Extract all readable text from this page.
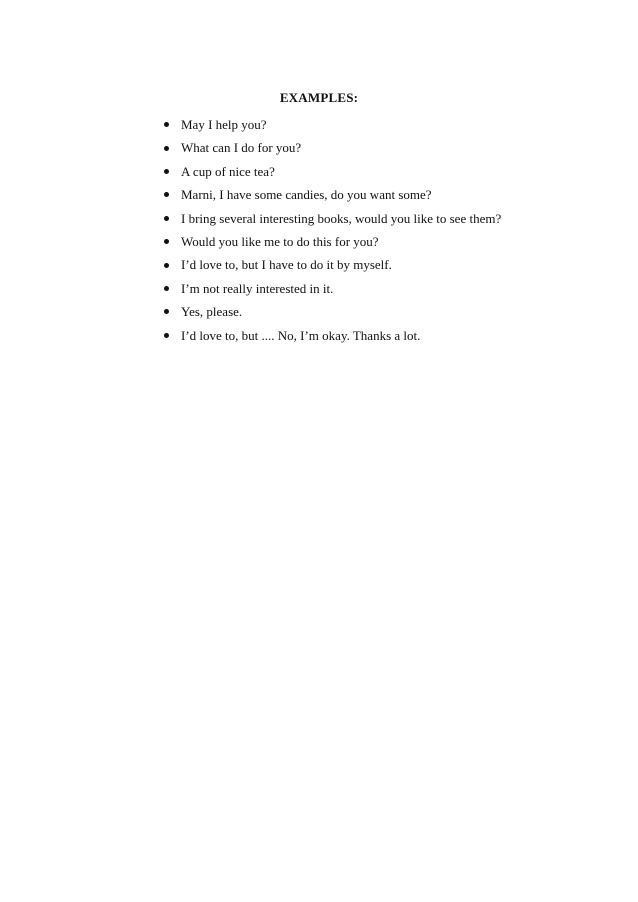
EXAMPLES:
May I help you?
What can I do for you?
A cup of nice tea?
Marni, I have some candies, do you want some?
I bring several interesting books, would you like to see them?
Would you like me to do this for you?
I’d love to, but I have to do it by myself.
I’m not really interested in it.
Yes, please.
I’d love to, but .... No, I’m okay. Thanks a lot.
